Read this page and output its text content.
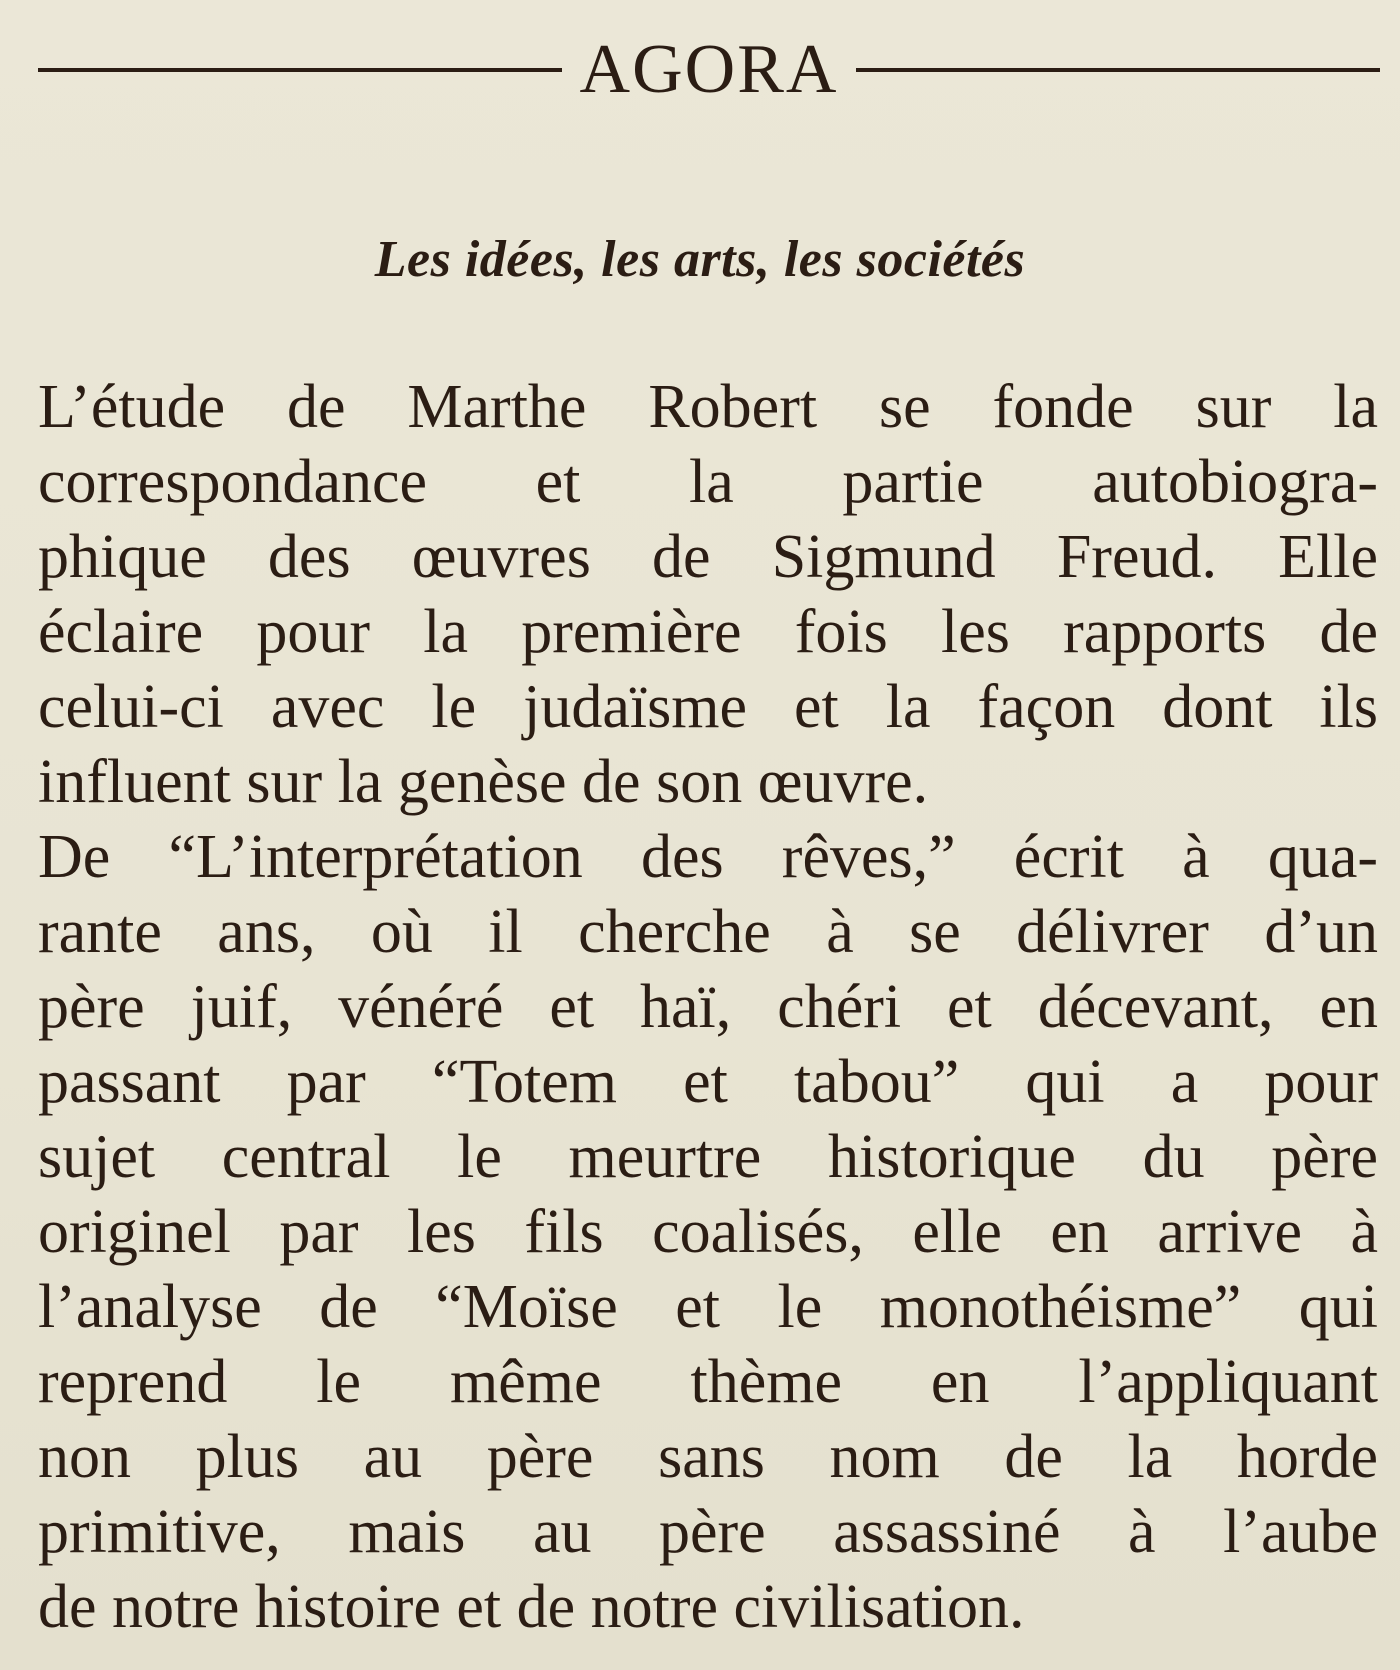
AGORA
Les idées, les arts, les sociétés
L’étude de Marthe Robert se fonde sur la
correspondance et la partie autobiogra-
phique des œuvres de Sigmund Freud. Elle
éclaire pour la première fois les rapports de
celui-ci avec le judaïsme et la façon dont ils
influent sur la genèse de son œuvre.
De “L’interprétation des rêves,” écrit à qua-
rante ans, où il cherche à se délivrer d’un
père juif, vénéré et haï, chéri et décevant, en
passant par “Totem et tabou” qui a pour
sujet central le meurtre historique du père
originel par les fils coalisés, elle en arrive à
l’analyse de “Moïse et le monothéisme” qui
reprend le même thème en l’appliquant
non plus au père sans nom de la horde
primitive, mais au père assassiné à l’aube
de notre histoire et de notre civilisation.
